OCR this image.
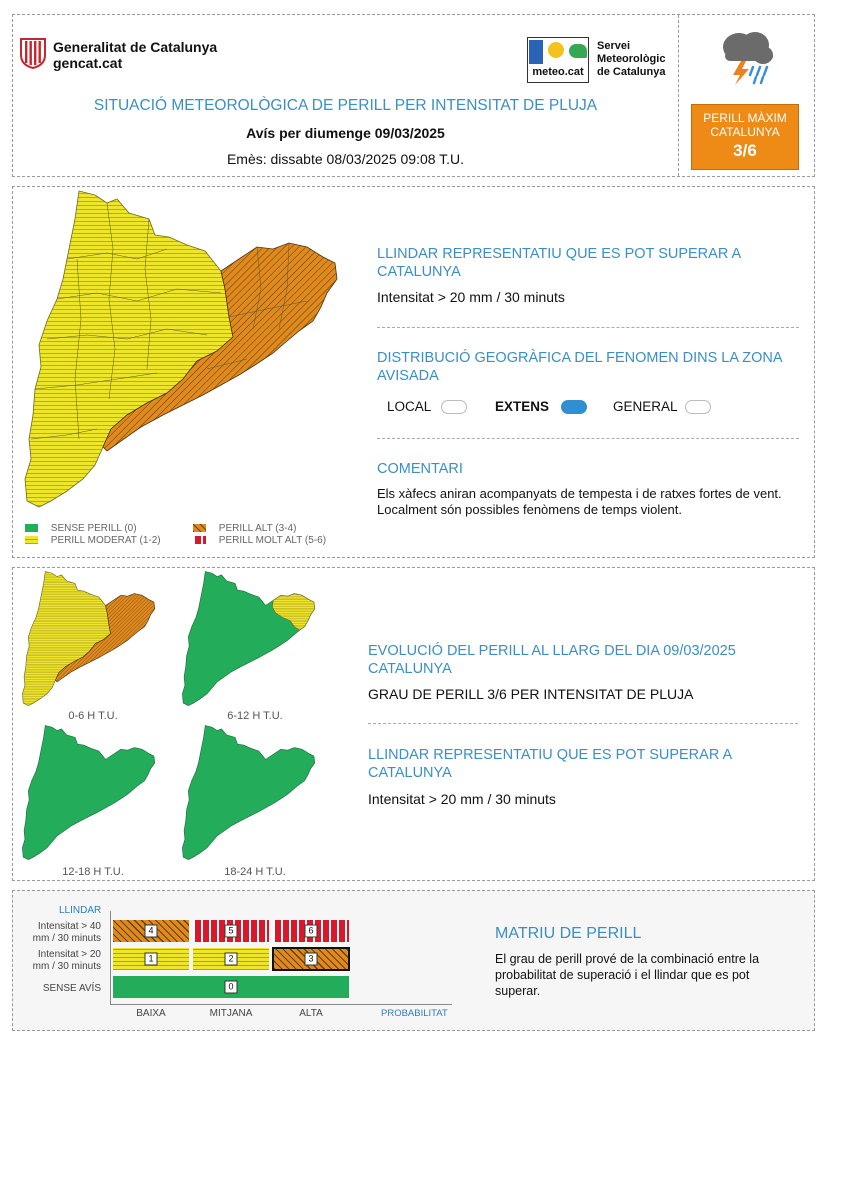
Generalitat de Catalunya
gencat.cat
meteo.cat
Servei
Meteorològic
de Catalunya
SITUACIÓ METEOROLÒGICA DE PERILL PER INTENSITAT DE PLUJA
Avís per diumenge 09/03/2025
Emès: dissabte 08/03/2025 09:08 T.U.
PERILL MÀXIM
CATALUNYA
3/6
SENSE PERILL (0)
PERILL MODERAT (1-2)
PERILL ALT (3-4)
PERILL MOLT ALT (5-6)
LLINDAR REPRESENTATIU QUE ES POT SUPERAR A CATALUNYA
Intensitat > 20 mm / 30 minuts
DISTRIBUCIÓ GEOGRÀFICA DEL FENOMEN DINS LA ZONA AVISADA
LOCAL	EXTENS	GENERAL
COMENTARI
Els xàfecs aniran acompanyats de tempesta i de ratxes fortes de vent. Localment són possibles fenòmens de temps violent.
0-6 H T.U.	6-12 H T.U.
12-18 H T.U.	18-24 H T.U.
EVOLUCIÓ DEL PERILL AL LLARG DEL DIA 09/03/2025 CATALUNYA
GRAU DE PERILL 3/6 PER INTENSITAT DE PLUJA
LLINDAR REPRESENTATIU QUE ES POT SUPERAR A CATALUNYA
Intensitat > 20 mm / 30 minuts
LLINDAR
Intensitat > 40 mm / 30 minuts
Intensitat > 20 mm / 30 minuts
SENSE AVÍS
4	5	6
1	2	3
0
BAIXA	MITJANA	ALTA	PROBABILITAT
MATRIU DE PERILL
El grau de perill prové de la combinació entre la probabilitat de superació i el llindar que es pot superar.
